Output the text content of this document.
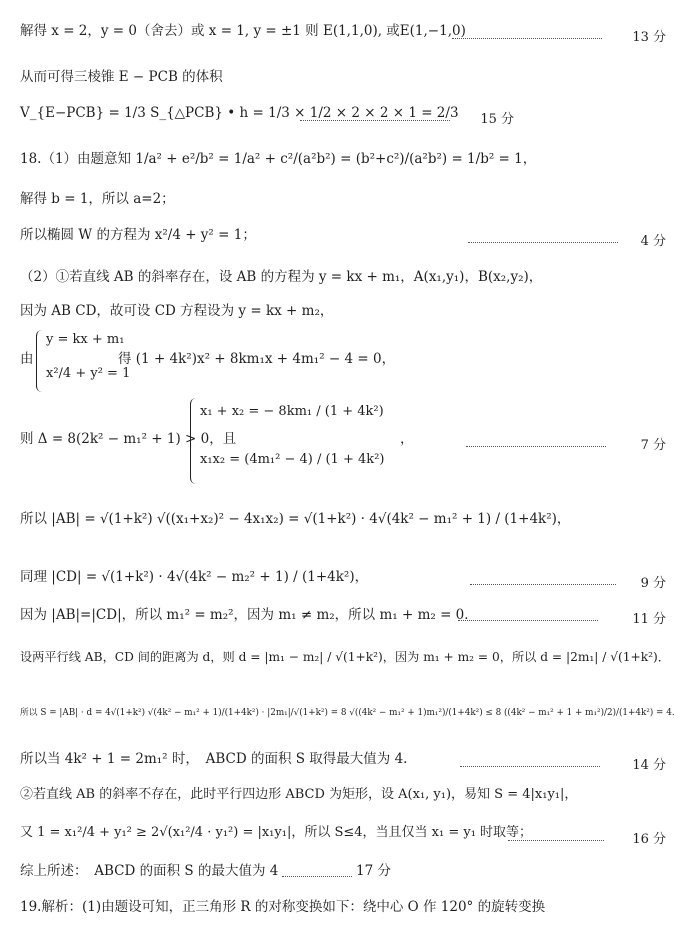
解得 x = 2，y = 0（舍去）或 x = 1, y = ±1 则 E(1,1,0), 或E(1,−1,0)	13 分
从而可得三棱锥 E − PCB 的体积
V_{E−PCB} = 1/3 S_{△PCB} • h = 1/3 × 1/2 × 2 × 2 × 1 = 2/3 15 分
18.（1）由题意知 1/a² + e²/b² = 1/a² + c²/(a²b²) = (b²+c²)/(a²b²) = 1/b² = 1，
解得 b = 1，所以 a=2；
所以椭圆 W 的方程为 x²/4 + y² = 1；	4 分
（2）①若直线 AB 的斜率存在，设 AB 的方程为 y = kx + m₁，A(x₁,y₁)，B(x₂,y₂)，
因为 AB CD，故可设 CD 方程设为 y = kx + m₂，
由
y = kx + m₁
x²/4 + y² = 1
得 (1 + 4k²)x² + 8km₁x + 4m₁² − 4 = 0，
则 Δ = 8(2k² − m₁² + 1) > 0，且
x₁ + x₂ = − 8km₁ / (1 + 4k²)
x₁x₂ = (4m₁² − 4) / (1 + 4k²)
，	7 分
所以 |AB| = √(1+k²) √((x₁+x₂)² − 4x₁x₂) = √(1+k²) · 4√(4k² − m₁² + 1) / (1+4k²)，
同理 |CD| = √(1+k²) · 4√(4k² − m₂² + 1) / (1+4k²)，	9 分
因为 |AB|=|CD|，所以 m₁² = m₂²，因为 m₁ ≠ m₂，所以 m₁ + m₂ = 0．	11 分
设两平行线 AB，CD 间的距离为 d，则 d = |m₁ − m₂| / √(1+k²)，因为 m₁ + m₂ = 0，所以 d = |2m₁| / √(1+k²)．
所以 S = |AB| · d = 4√(1+k²) √(4k² − m₁² + 1)/(1+4k²) · |2m₁|/√(1+k²) = 8 √((4k² − m₁² + 1)m₁²)/(1+4k²) ≤ 8 ((4k² − m₁² + 1 + m₁²)/2)/(1+4k²) = 4．
所以当 4k² + 1 = 2m₁² 时，　ABCD 的面积 S 取得最大值为 4.	14 分
②若直线 AB 的斜率不存在，此时平行四边形 ABCD 为矩形，设 A(x₁, y₁)，易知 S = 4|x₁y₁|，
又 1 = x₁²/4 + y₁² ≥ 2√(x₁²/4 · y₁²) = |x₁y₁|，所以 S≤4，当且仅当 x₁ = y₁ 时取等；	16 分
综上所述：　ABCD 的面积 S 的最大值为 4	17 分
19.解析：(1)由题设可知，正三角形 R 的对称变换如下：绕中心 O 作 120° 的旋转变换
